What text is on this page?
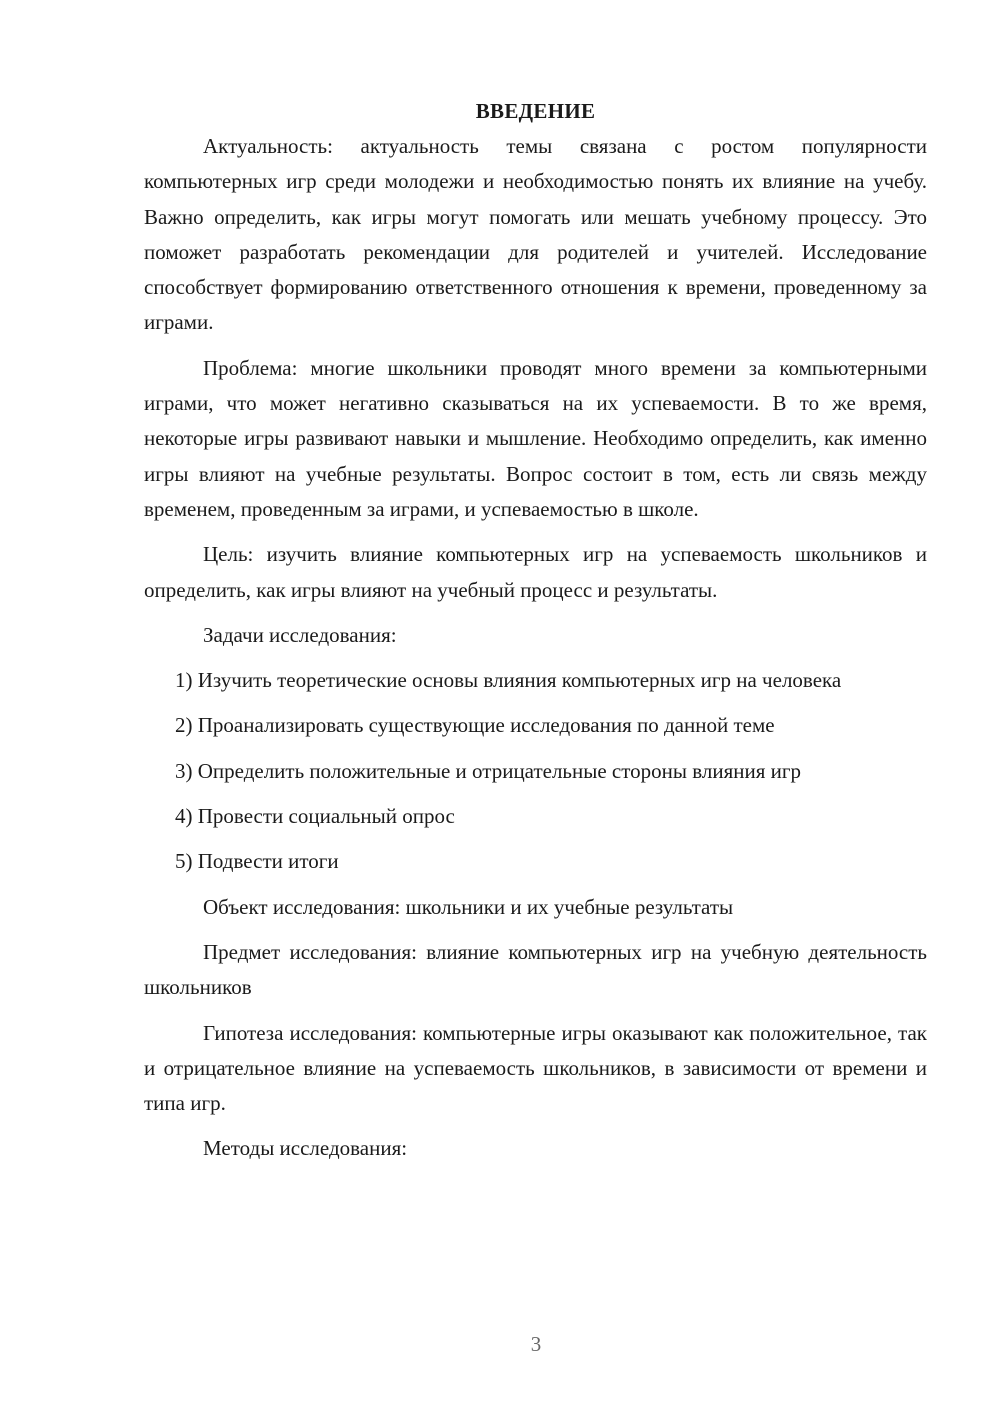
ВВЕДЕНИЕ

Актуальность: актуальность темы связана с ростом популярности компьютерных игр среди молодежи и необходимостью понять их влияние на учебу. Важно определить, как игры могут помогать или мешать учебному процессу. Это поможет разработать рекомендации для родителей и учителей. Исследование способствует формированию ответственного отношения к времени, проведенному за играми.

Проблема: многие школьники проводят много времени за компьютерными играми, что может негативно сказываться на их успеваемости. В то же время, некоторые игры развивают навыки и мышление. Необходимо определить, как именно игры влияют на учебные результаты. Вопрос состоит в том, есть ли связь между временем, проведенным за играми, и успеваемостью в школе.

Цель: изучить влияние компьютерных игр на успеваемость школьников и определить, как игры влияют на учебный процесс и результаты.

Задачи исследования:

1) Изучить теоретические основы влияния компьютерных игр на человека

2) Проанализировать существующие исследования по данной теме

3) Определить положительные и отрицательные стороны влияния игр

4) Провести социальный опрос

5) Подвести итоги

Объект исследования: школьники и их учебные результаты

Предмет исследования: влияние компьютерных игр на учебную деятельность школьников

Гипотеза исследования: компьютерные игры оказывают как положительное, так и отрицательное влияние на успеваемость школьников, в зависимости от времени и типа игр.

Методы исследования:

3
